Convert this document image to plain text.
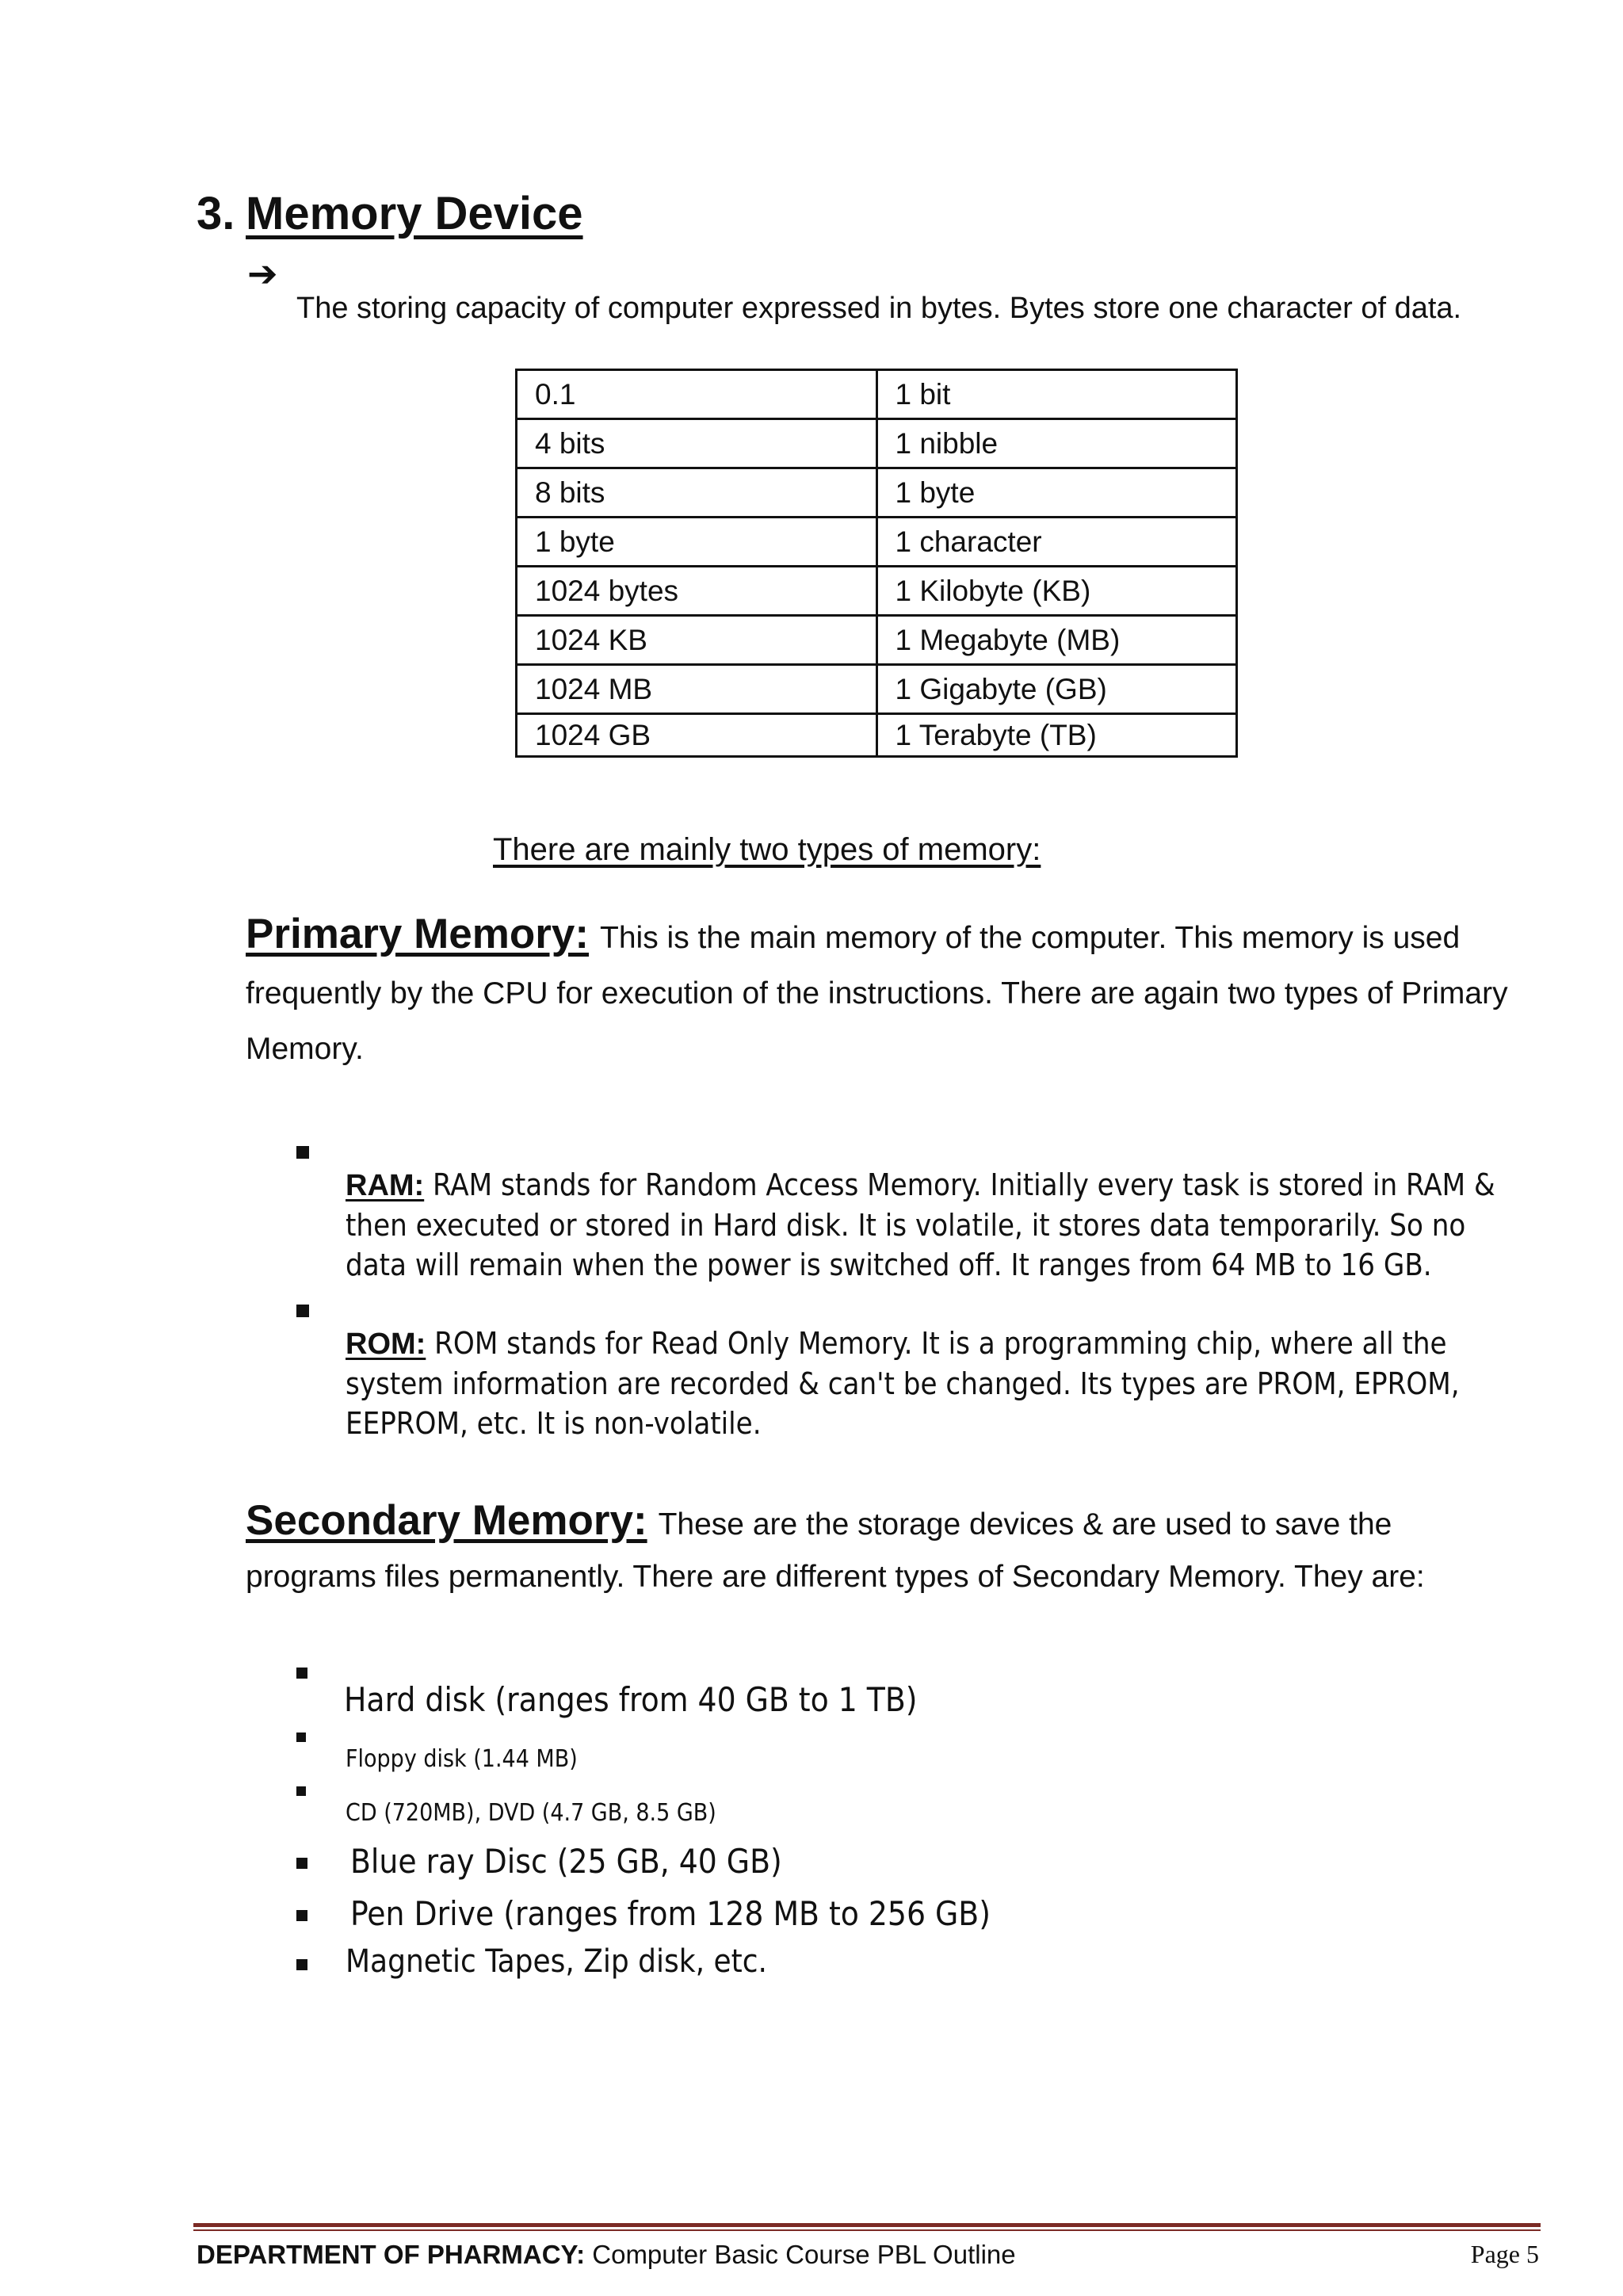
3. Memory Device
➔
The storing capacity of computer expressed in bytes. Bytes store one character of data.
0.1	1 bit
4 bits	1 nibble
8 bits	1 byte
1 byte	1 character
1024 bytes	1 Kilobyte (KB)
1024 KB	1 Megabyte (MB)
1024 MB	1 Gigabyte (GB)
1024 GB	1 Terabyte (TB)
There are mainly two types of memory:
Primary Memory: This is the main memory of the computer. This memory is used frequently by the CPU for execution of the instructions. There are again two types of Primary Memory.
RAM: RAM stands for Random Access Memory. Initially every task is stored in RAM & then executed or stored in Hard disk. It is volatile, it stores data temporarily. So no data will remain when the power is switched off. It ranges from 64 MB to 16 GB.
ROM: ROM stands for Read Only Memory. It is a programming chip, where all the system information are recorded & can't be changed. Its types are PROM, EPROM, EEPROM, etc. It is non-volatile.
Secondary Memory: These are the storage devices & are used to save the programs files permanently. There are different types of Secondary Memory. They are:
Hard disk (ranges from 40 GB to 1 TB)
Floppy disk (1.44 MB)
CD (720MB), DVD (4.7 GB, 8.5 GB)
Blue ray Disc (25 GB, 40 GB)
Pen Drive (ranges from 128 MB to 256 GB)
Magnetic Tapes, Zip disk, etc.
DEPARTMENT OF PHARMACY: Computer Basic Course PBL Outline	Page 5
